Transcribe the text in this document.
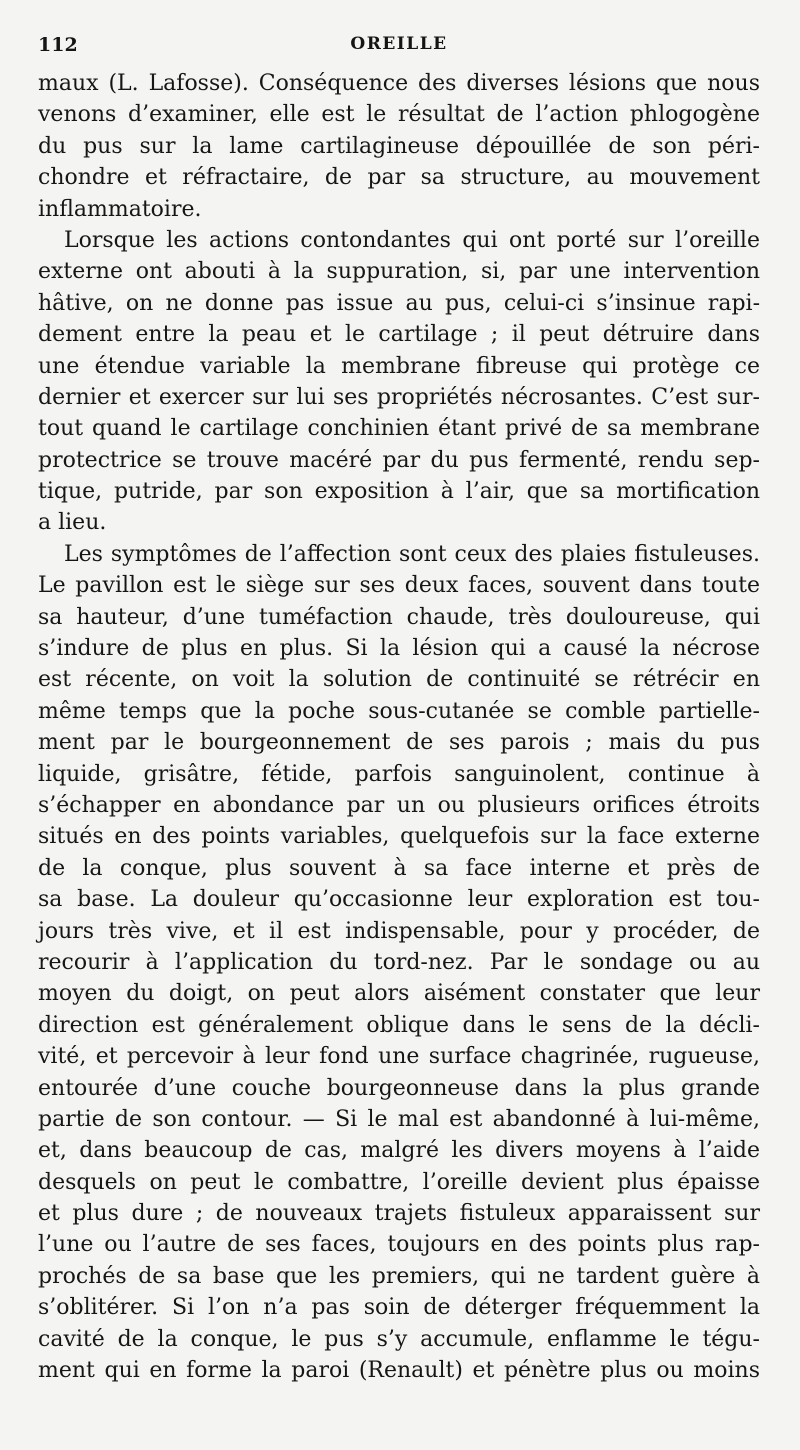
112	OREILLE
maux (L. Lafosse). Conséquence des diverses lésions que nous
venons d’examiner, elle est le résultat de l’action phlogogène
du pus sur la lame cartilagineuse dépouillée de son péri-
chondre et réfractaire, de par sa structure, au mouvement
inflammatoire.
Lorsque les actions contondantes qui ont porté sur l’oreille
externe ont abouti à la suppuration, si, par une intervention
hâtive, on ne donne pas issue au pus, celui-ci s’insinue rapi-
dement entre la peau et le cartilage ; il peut détruire dans
une étendue variable la membrane fibreuse qui protège ce
dernier et exercer sur lui ses propriétés nécrosantes. C’est sur-
tout quand le cartilage conchinien étant privé de sa membrane
protectrice se trouve macéré par du pus fermenté, rendu sep-
tique, putride, par son exposition à l’air, que sa mortification
a lieu.
Les symptômes de l’affection sont ceux des plaies fistuleuses.
Le pavillon est le siège sur ses deux faces, souvent dans toute
sa hauteur, d’une tuméfaction chaude, très douloureuse, qui
s’indure de plus en plus. Si la lésion qui a causé la nécrose
est récente, on voit la solution de continuité se rétrécir en
même temps que la poche sous-cutanée se comble partielle-
ment par le bourgeonnement de ses parois ; mais du pus
liquide, grisâtre, fétide, parfois sanguinolent, continue à
s’échapper en abondance par un ou plusieurs orifices étroits
situés en des points variables, quelquefois sur la face externe
de la conque, plus souvent à sa face interne et près de
sa base. La douleur qu’occasionne leur exploration est tou-
jours très vive, et il est indispensable, pour y procéder, de
recourir à l’application du tord-nez. Par le sondage ou au
moyen du doigt, on peut alors aisément constater que leur
direction est généralement oblique dans le sens de la décli-
vité, et percevoir à leur fond une surface chagrinée, rugueuse,
entourée d’une couche bourgeonneuse dans la plus grande
partie de son contour. — Si le mal est abandonné à lui-même,
et, dans beaucoup de cas, malgré les divers moyens à l’aide
desquels on peut le combattre, l’oreille devient plus épaisse
et plus dure ; de nouveaux trajets fistuleux apparaissent sur
l’une ou l’autre de ses faces, toujours en des points plus rap-
prochés de sa base que les premiers, qui ne tardent guère à
s’oblitérer. Si l’on n’a pas soin de déterger fréquemment la
cavité de la conque, le pus s’y accumule, enflamme le tégu-
ment qui en forme la paroi (Renault) et pénètre plus ou moins
